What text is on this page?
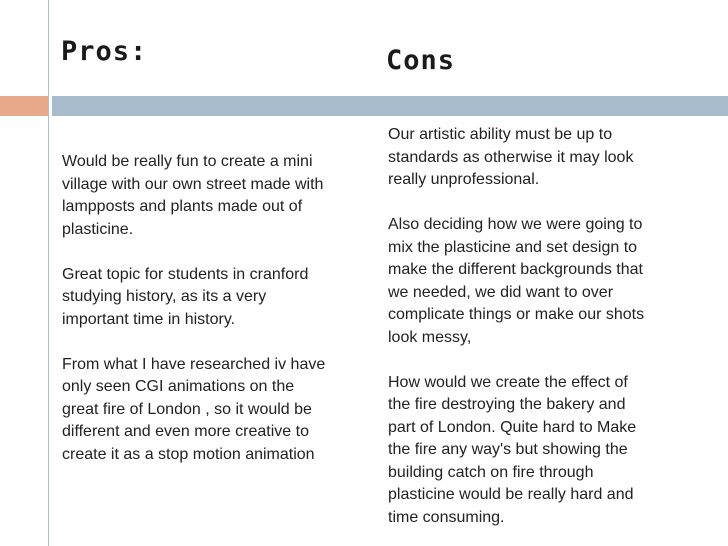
Pros:	Cons

Would be really fun to create a mini
village with our own street made with
lampposts and plants made out of
plasticine.

Great topic for students in cranford
studying history, as its a very
important time in history.

From what I have researched iv have
only seen CGI animations on the
great fire of London , so it would be
different and even more creative to
create it as a stop motion animation

Our artistic ability must be up to
standards as otherwise it may look
really unprofessional.

Also deciding how we were going to
mix the plasticine and set design to
make the different backgrounds that
we needed, we did want to over
complicate things or make our shots
look messy,

How would we create the effect of
the fire destroying the bakery and
part of London. Quite hard to Make
the fire any way's but showing the
building catch on fire through
plasticine would be really hard and
time consuming.
